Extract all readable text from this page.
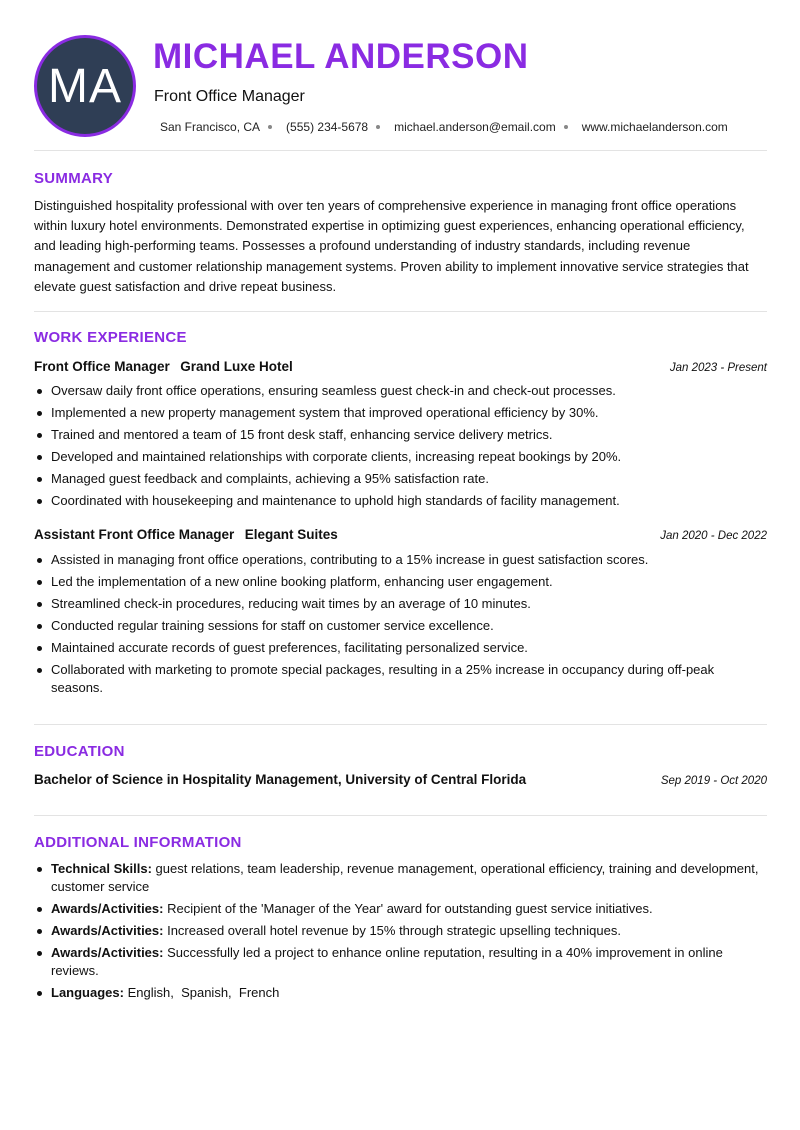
MA
MICHAEL ANDERSON
Front Office Manager
San Francisco, CA (555) 234-5678 michael.anderson@email.com www.michaelanderson.com
SUMMARY

Distinguished hospitality professional with over ten years of comprehensive experience in managing front office operations within luxury hotel environments. Demonstrated expertise in optimizing guest experiences, enhancing operational efficiency, and leading high-performing teams. Possesses a profound understanding of industry standards, including revenue management and customer relationship management systems. Proven ability to implement innovative service strategies that elevate guest satisfaction and drive repeat business.

WORK EXPERIENCE
Front Office Manager Grand Luxe Hotel	Jan 2023 - Present
Oversaw daily front office operations, ensuring seamless guest check-in and check-out processes.
Implemented a new property management system that improved operational efficiency by 30%.
Trained and mentored a team of 15 front desk staff, enhancing service delivery metrics.
Developed and maintained relationships with corporate clients, increasing repeat bookings by 20%.
Managed guest feedback and complaints, achieving a 95% satisfaction rate.
Coordinated with housekeeping and maintenance to uphold high standards of facility management.
Assistant Front Office Manager Elegant Suites	Jan 2020 - Dec 2022
Assisted in managing front office operations, contributing to a 15% increase in guest satisfaction scores.
Led the implementation of a new online booking platform, enhancing user engagement.
Streamlined check-in procedures, reducing wait times by an average of 10 minutes.
Conducted regular training sessions for staff on customer service excellence.
Maintained accurate records of guest preferences, facilitating personalized service.
Collaborated with marketing to promote special packages, resulting in a 25% increase in occupancy during off-peak seasons.
EDUCATION
Bachelor of Science in Hospitality Management, University of Central Florida	Sep 2019 - Oct 2020
ADDITIONAL INFORMATION
Technical Skills: guest relations, team leadership, revenue management, operational efficiency, training and development, customer service
Awards/Activities: Recipient of the 'Manager of the Year' award for outstanding guest service initiatives.
Awards/Activities: Increased overall hotel revenue by 15% through strategic upselling techniques.
Awards/Activities: Successfully led a project to enhance online reputation, resulting in a 40% improvement in online reviews.
Languages: English,  Spanish,  French
